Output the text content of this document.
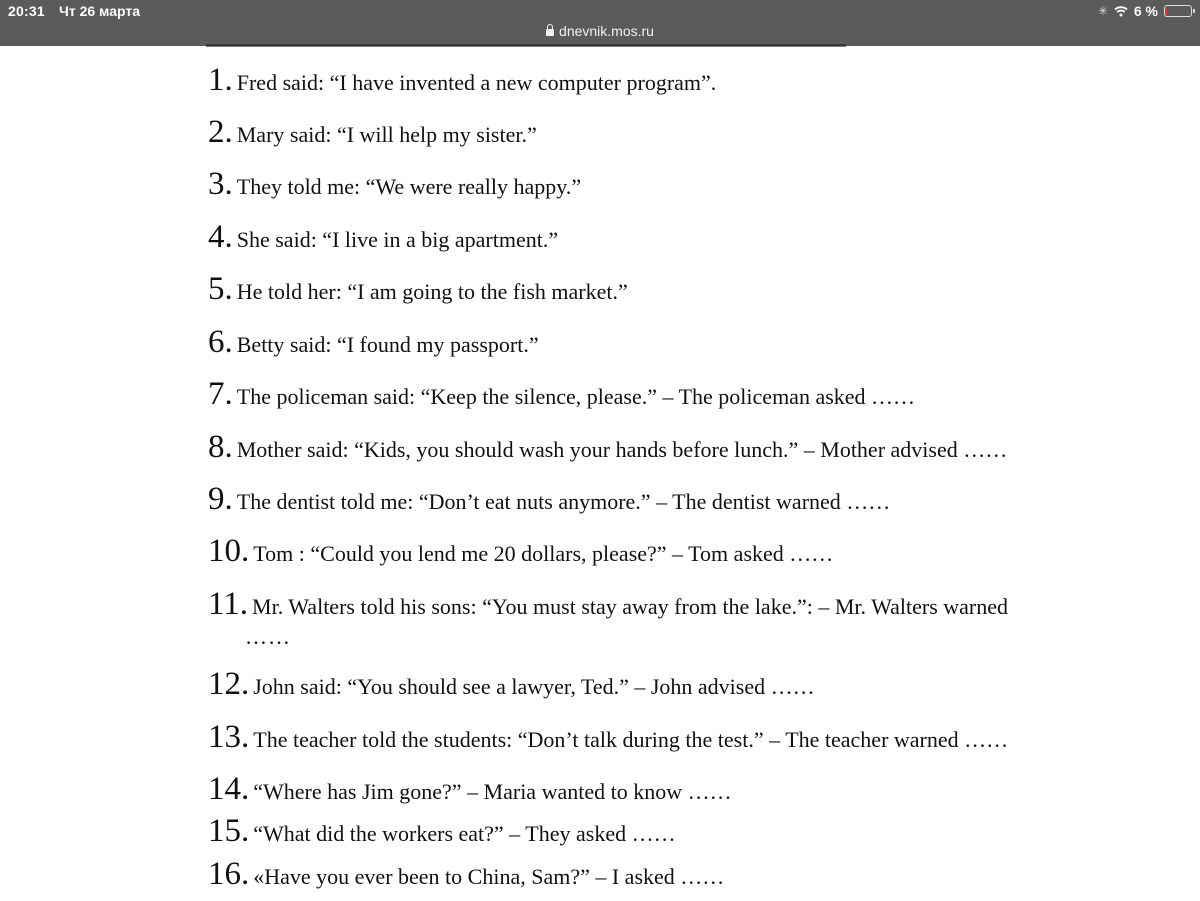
20:31 Чт 26 марта
dnevnik.mos.ru
✳ 6 %
1. Fred said: “I have invented a new computer program”.
2. Mary said: “I will help my sister.”
3. They told me: “We were really happy.”
4. She said: “I live in a big apartment.”
5. He told her: “I am going to the fish market.”
6. Betty said: “I found my passport.”
7. The policeman said: “Keep the silence, please.” – The policeman asked ……
8. Mother said: “Kids, you should wash your hands before lunch.” – Mother advised ……
9. The dentist told me: “Don’t eat nuts anymore.” – The dentist warned ……
10. Tom : “Could you lend me 20 dollars, please?” – Tom asked ……
11. Mr. Walters told his sons: “You must stay away from the lake.”: – Mr. Walters warned
……
12. John said: “You should see a lawyer, Ted.” – John advised ……
13. The teacher told the students: “Don’t talk during the test.” – The teacher warned ……
14. “Where has Jim gone?” – Maria wanted to know ……
15. “What did the workers eat?” – They asked ……
16. «Have you ever been to China, Sam?” – I asked ……
